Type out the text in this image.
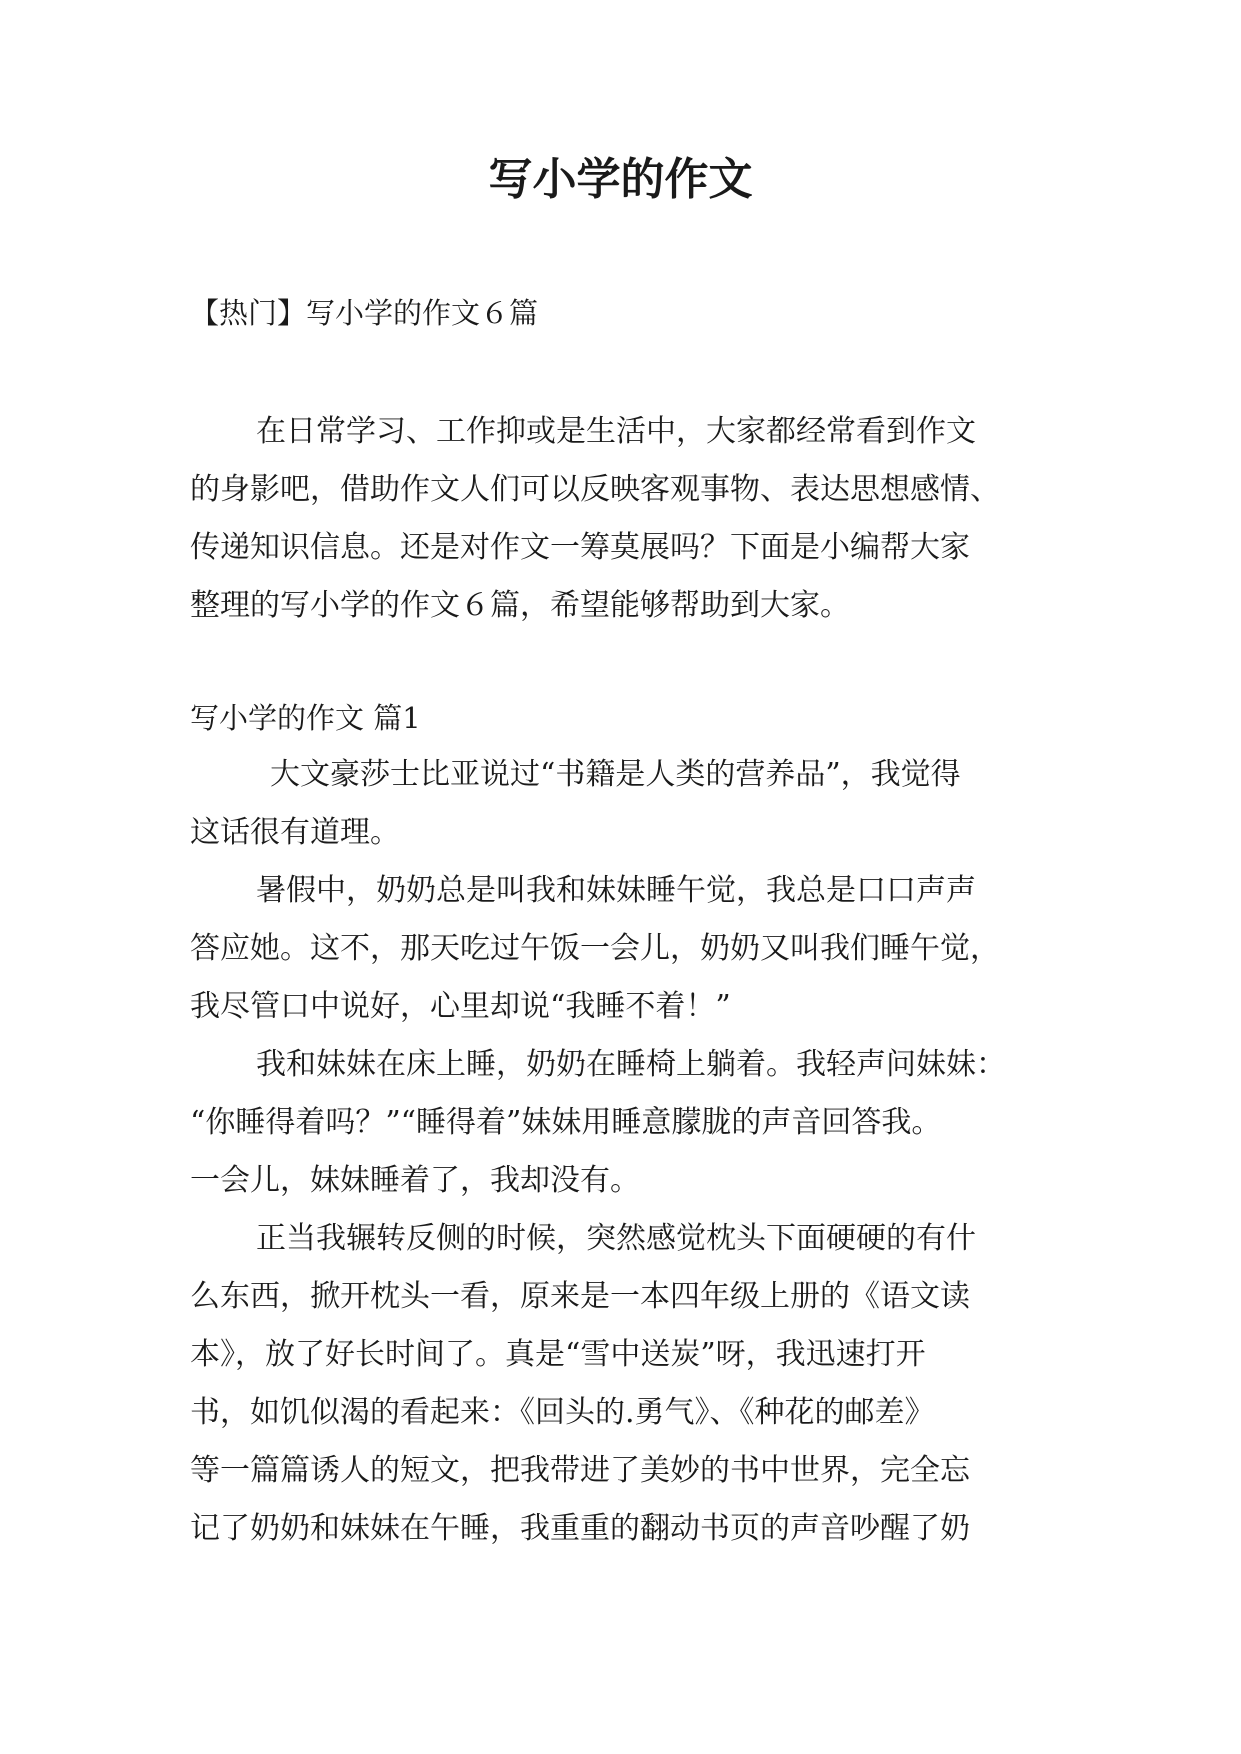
写小学的作文

【热门】写小学的作文６篇

在日常学习、工作抑或是生活中，大家都经常看到作文
的身影吧，借助作文人们可以反映客观事物、表达思想感情、
传递知识信息。还是对作文一筹莫展吗？下面是小编帮大家
整理的写小学的作文６篇，希望能够帮助到大家。

写小学的作文 篇1

大文豪莎士比亚说过“书籍是人类的营养品”，我觉得
这话很有道理。
暑假中，奶奶总是叫我和妹妹睡午觉，我总是口口声声
答应她。这不，那天吃过午饭一会儿，奶奶又叫我们睡午觉，
我尽管口中说好，心里却说“我睡不着！”
我和妹妹在床上睡，奶奶在睡椅上躺着。我轻声问妹妹：
“你睡得着吗？”“睡得着”妹妹用睡意朦胧的声音回答我。
一会儿，妹妹睡着了，我却没有。
正当我辗转反侧的时候，突然感觉枕头下面硬硬的有什
么东西，掀开枕头一看，原来是一本四年级上册的《语文读
本》，放了好长时间了。真是“雪中送炭”呀，我迅速打开
书，如饥似渴的看起来：《回头的.勇气》、《种花的邮差》
等一篇篇诱人的短文，把我带进了美妙的书中世界，完全忘
记了奶奶和妹妹在午睡，我重重的翻动书页的声音吵醒了奶
